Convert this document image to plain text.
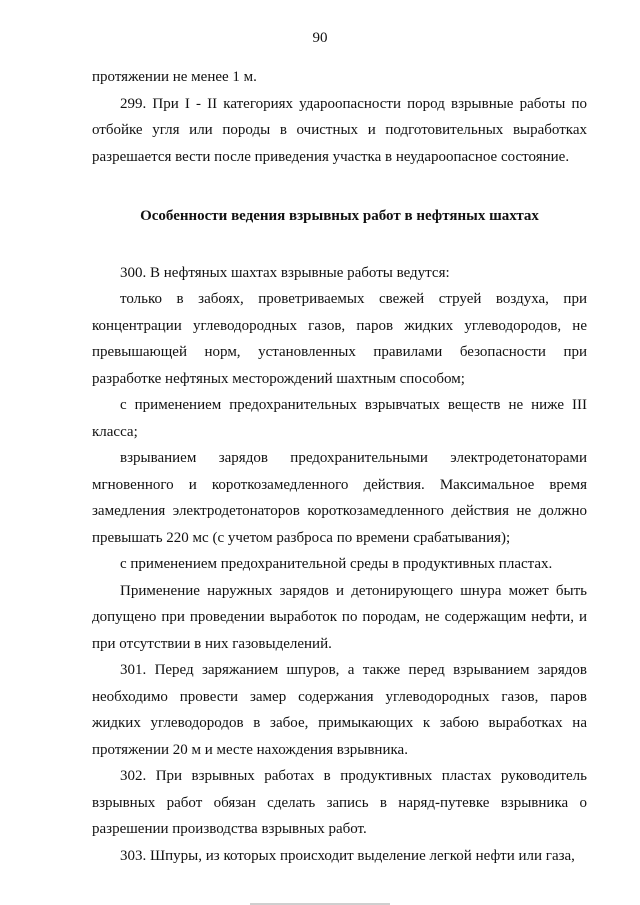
90

протяжении не менее 1 м.

299. При I - II категориях удароопасности пород взрывные работы по отбойке угля или породы в очистных и подготовительных выработках разрешается вести после приведения участка в неудароопасное состояние.

Особенности ведения взрывных работ в нефтяных шахтах

300. В нефтяных шахтах взрывные работы ведутся:

только в забоях, проветриваемых свежей струей воздуха, при концентрации углеводородных газов, паров жидких углеводородов, не превышающей норм, установленных правилами безопасности при разработке нефтяных месторождений шахтным способом;

с применением предохранительных взрывчатых веществ не ниже III класса;

взрыванием зарядов предохранительными электродетонаторами мгновенного и короткозамедленного действия. Максимальное время замедления электродетонаторов короткозамедленного действия не должно превышать 220 мс (с учетом разброса по времени срабатывания);

с применением предохранительной среды в продуктивных пластах.

Применение наружных зарядов и детонирующего шнура может быть допущено при проведении выработок по породам, не содержащим нефти, и при отсутствии в них газовыделений.

301. Перед заряжанием шпуров, а также перед взрыванием зарядов необходимо провести замер содержания углеводородных газов, паров жидких углеводородов в забое, примыкающих к забою выработках на протяжении 20 м и месте нахождения взрывника.

302. При взрывных работах в продуктивных пластах руководитель взрывных работ обязан сделать запись в наряд-путевке взрывника о разрешении производства взрывных работ.

303. Шпуры, из которых происходит выделение легкой нефти или газа,
